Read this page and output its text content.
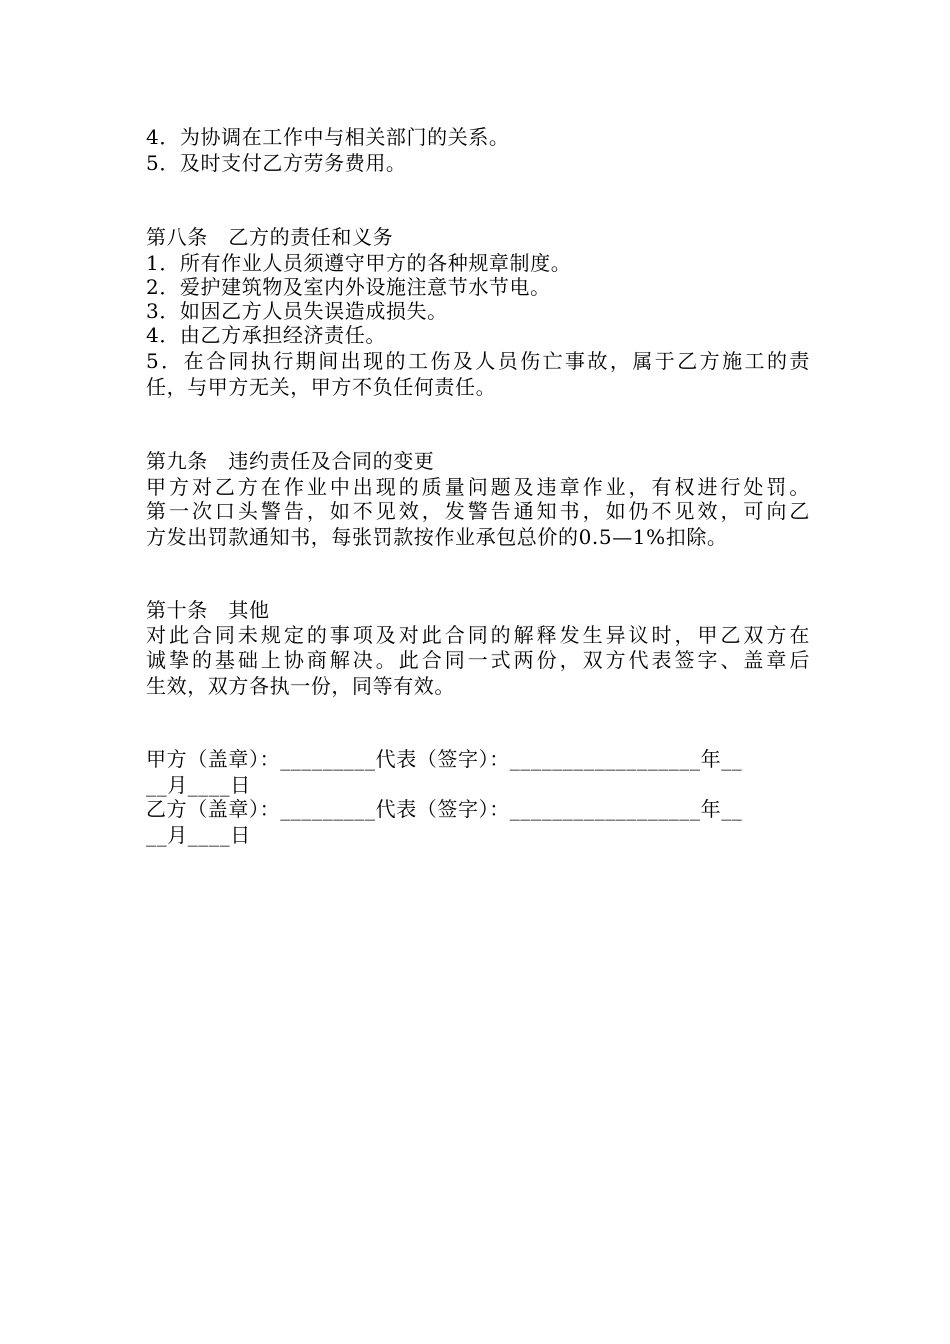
4．为协调在工作中与相关部门的关系。
5．及时支付乙方劳务费用。
第八条　乙方的责任和义务
1．所有作业人员须遵守甲方的各种规章制度。
2．爱护建筑物及室内外设施注意节水节电。
3．如因乙方人员失误造成损失。
4．由乙方承担经济责任。
5．在合同执行期间出现的工伤及人员伤亡事故，属于乙方施工的责
任，与甲方无关，甲方不负任何责任。
第九条　违约责任及合同的变更
甲方对乙方在作业中出现的质量问题及违章作业，有权进行处罚。
第一次口头警告，如不见效，发警告通知书，如仍不见效，可向乙
方发出罚款通知书，每张罚款按作业承包总价的0.5—1%扣除。
第十条　其他
对此合同未规定的事项及对此合同的解释发生异议时，甲乙双方在
诚挚的基础上协商解决。此合同一式两份，双方代表签字、盖章后
生效，双方各执一份，同等有效。
甲方（盖章）：_________代表（签字）：__________________年__
__月____日
乙方（盖章）：_________代表（签字）：__________________年__
__月____日
